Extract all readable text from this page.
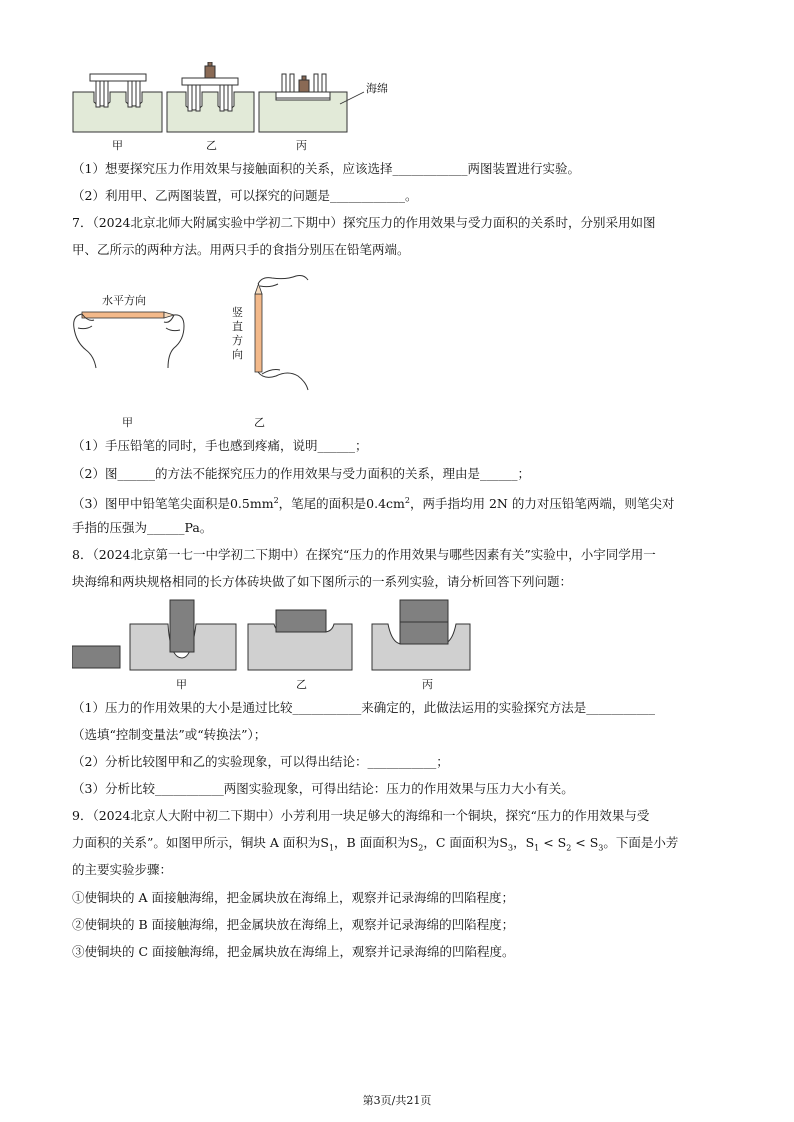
海绵
甲	乙	丙
（1）想要探究压力作用效果与接触面积的关系，应该选择____________两图装置进行实验。
（2）利用甲、乙两图装置，可以探究的问题是____________。
7．（2024北京北师大附属实验中学初二下期中）探究压力的作用效果与受力面积的关系时，分别采用如图
甲、乙所示的两种方法。用两只手的食指分别压在铅笔两端。
水平方向
竖直方向
甲	乙
（1）手压铅笔的同时，手也感到疼痛，说明______；
（2）图______的方法不能探究压力的作用效果与受力面积的关系，理由是______；
（3）图甲中铅笔笔尖面积是$0.5mm^2$，笔尾的面积是$0.4cm^2$，两手指均用 2N 的力对压铅笔两端，则笔尖对
手指的压强为______Pa。
8．（2024北京第一七一中学初二下期中）在探究“压力的作用效果与哪些因素有关”实验中，小宇同学用一
块海绵和两块规格相同的长方体砖块做了如下图所示的一系列实验，请分析回答下列问题：
甲	乙	丙
（1）压力的作用效果的大小是通过比较___________来确定的，此做法运用的实验探究方法是___________
（选填“控制变量法”或“转换法”）；
（2）分析比较图甲和乙的实验现象，可以得出结论：___________；
（3）分析比较___________两图实验现象，可得出结论：压力的作用效果与压力大小有关。
9．（2024北京人大附中初二下期中）小芳利用一块足够大的海绵和一个铜块，探究“压力的作用效果与受
力面积的关系”。如图甲所示，铜块 A 面积为$S_1$，B 面面积为$S_2$，C 面面积为$S_3$，$S_1 < S_2 < S_3$。下面是小芳
的主要实验步骤：
①使铜块的 A 面接触海绵，把金属块放在海绵上，观察并记录海绵的凹陷程度；
②使铜块的 B 面接触海绵，把金属块放在海绵上，观察并记录海绵的凹陷程度；
③使铜块的 C 面接触海绵，把金属块放在海绵上，观察并记录海绵的凹陷程度。
第3页/共21页
